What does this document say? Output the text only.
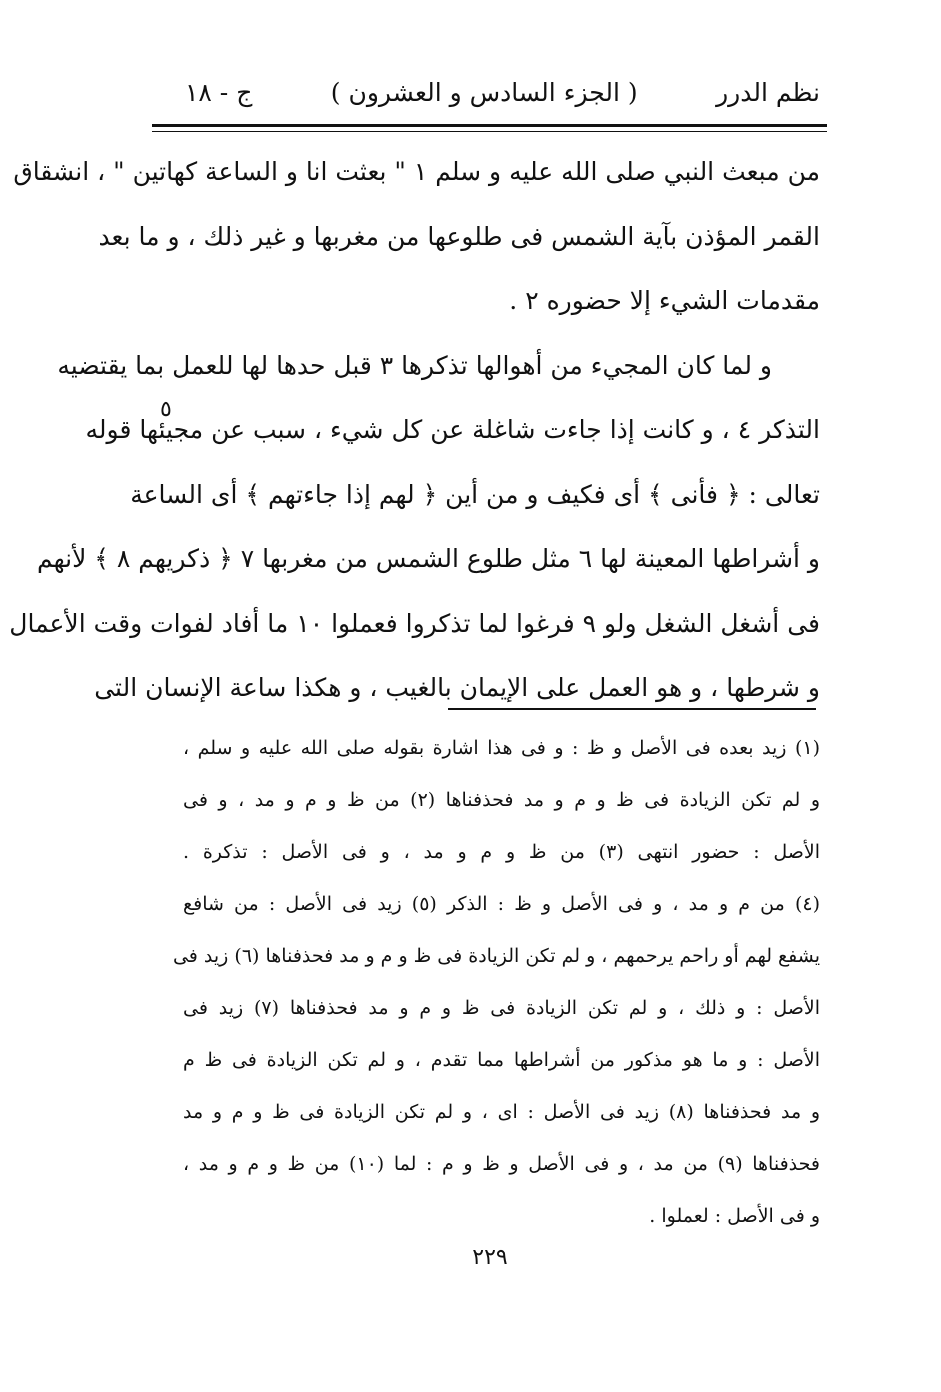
نظم الدرر
( الجزء السادس و العشرون )
ج - ١٨
من مبعث النبي صلى الله عليه و سلم ١ " بعثت انا و الساعة كهاتين " ، انشقاق
القمر المؤذن بآية الشمس فى طلوعها من مغربها و غير ذلك ، و ما بعد
مقدمات الشيء إلا حضوره ٢ .
و لما كان المجيء من أهوالها تذكرها ٣ قبل حدها لها للعمل بما يقتضيه
التذكر ٤ ، و كانت إذا جاءت شاغلة عن كل شيء ، سبب عن مجيئها قوله
تعالى : ﴿ فأنى ﴾ أى فكيف و من أين ﴿ لهم إذا جاءتهم ﴾ أى الساعة
و أشراطها المعينة لها ٦ مثل طلوع الشمس من مغربها ٧ ﴿ ذكريهم ٨ ﴾ لأنهم
فى أشغل الشغل ولو ٩ فرغوا لما تذكروا فعملوا ١٠ ما أفاد لفوات وقت الأعمال
و شرطها ، و هو العمل على الإيمان بالغيب ، و هكذا ساعة الإنسان التى
٥
(١) زيد بعده فى الأصل و ظ : و فى هذا اشارة بقوله صلى الله عليه و سلم ،
و لم تكن الزيادة فى ظ و م و مد فحذفناها (٢) من ظ و م و مد ، و فى
الأصل : حضور انتهى (٣) من ظ و م و مد ، و فى الأصل : تذكرة .
(٤) من م و مد ، و فى الأصل و ظ : الذكر (٥) زيد فى الأصل : من شافع
يشفع لهم أو راحم يرحمهم ، و لم تكن الزيادة فى ظ و م و مد فحذفناها (٦) زيد فى
الأصل : و ذلك ، و لم تكن الزيادة فى ظ و م و مد فحذفناها (٧) زيد فى
الأصل : و ما هو مذكور من أشراطها مما تقدم ، و لم تكن الزيادة فى ظ م
و مد فحذفناها (٨) زيد فى الأصل : اى ، و لم تكن الزيادة فى ظ و م و مد
فحذفناها (٩) من مد ، و فى الأصل و ظ و م : لما (١٠) من ظ و م و مد ،
و فى الأصل : لعملوا .
٢٢٩
